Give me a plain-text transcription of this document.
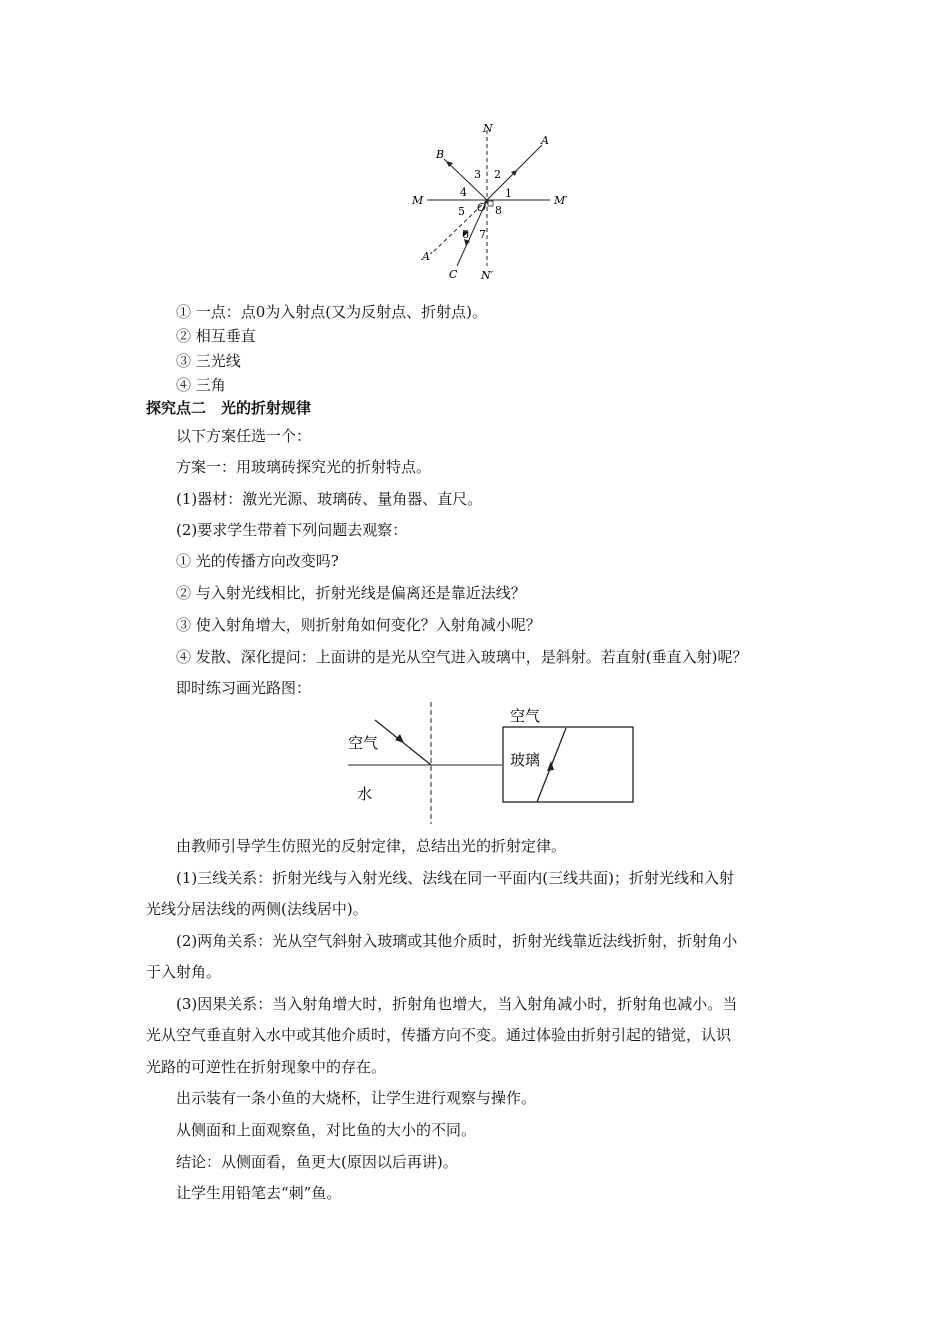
N
N′
A
B
C
A′
M	M′
O
1
2
3
4
5
6 7
8
① 一点：点0为入射点(又为反射点、折射点)。
② 相互垂直
③ 三光线
④ 三角
探究点二　光的折射规律
以下方案任选一个：
方案一：用玻璃砖探究光的折射特点。
(1)器材：激光光源、玻璃砖、量角器、直尺。
(2)要求学生带着下列问题去观察：
① 光的传播方向改变吗?
② 与入射光线相比，折射光线是偏离还是靠近法线？
③ 使入射角增大，则折射角如何变化？入射角减小呢？
④ 发散、深化提问：上面讲的是光从空气进入玻璃中，是斜射。若直射(垂直入射)呢？
即时练习画光路图：
空气
水
空气
玻璃
由教师引导学生仿照光的反射定律，总结出光的折射定律。
(1)三线关系：折射光线与入射光线、法线在同一平面内(三线共面)；折射光线和入射
光线分居法线的两侧(法线居中)。
(2)两角关系：光从空气斜射入玻璃或其他介质时，折射光线靠近法线折射，折射角小
于入射角。
(3)因果关系：当入射角增大时，折射角也增大，当入射角减小时，折射角也减小。当
光从空气垂直射入水中或其他介质时，传播方向不变。通过体验由折射引起的错觉，认识
光路的可逆性在折射现象中的存在。
出示装有一条小鱼的大烧杯，让学生进行观察与操作。
从侧面和上面观察鱼，对比鱼的大小的不同。
结论：从侧面看，鱼更大(原因以后再讲)。
让学生用铅笔去“刺”鱼。
